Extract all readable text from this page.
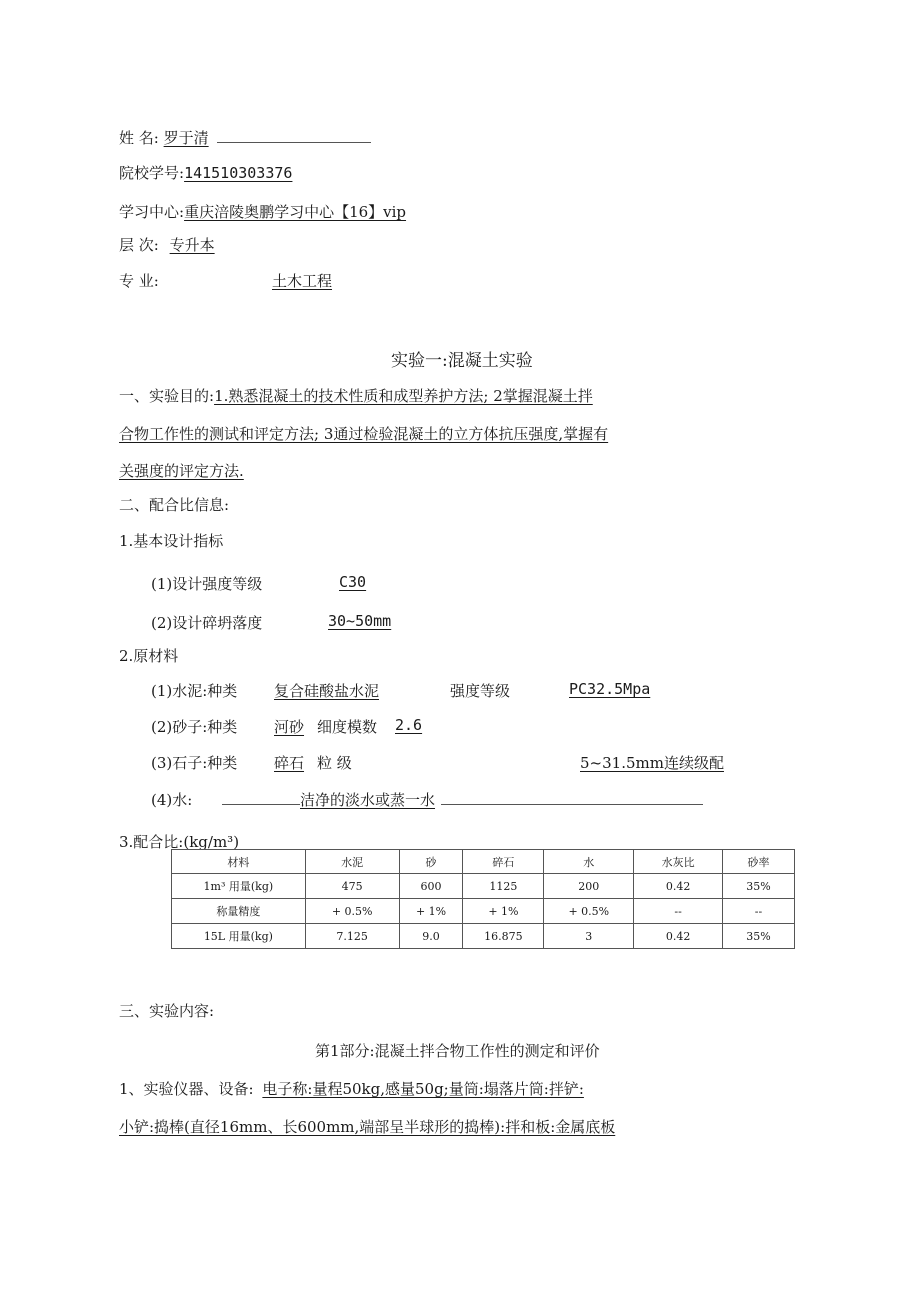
姓 名: 罗于清
院校学号:141510303376
学习中心:重庆涪陵奥鹏学习中心【16】vip
层 次: 专升本
专 业:	土木工程
实验一:混凝土实验
一、实验目的:1.熟悉混凝土的技术性质和成型养护方法; 2掌握混凝土拌
合物工作性的测试和评定方法; 3通过检验混凝土的立方体抗压强度,掌握有
关强度的评定方法.
二、配合比信息:
1.基本设计指标
(1)设计强度等级	C30
(2)设计碎坍落度	30~50mm
2.原材料
(1)水泥:种类 复合硅酸盐水泥	强度等级	PC32.5Mpa
(2)砂子:种类 河砂 细度模数 2.6
(3)石子:种类 碎石 粒 级	5~31.5mm连续级配
(4)水:	洁净的淡水或蒸一水
3.配合比:(kg/m³)
材料	水泥	砂	碎石	水	水灰比	砂率
1m³ 用量(kg)	475	600	1125	200	0.42	35%
称量精度	+ 0.5%	+ 1%	+ 1%	+ 0.5%	--	--
15L 用量(kg)	7.125	9.0	16.875	3	0.42	35%
三、实验内容:
第1部分:混凝土拌合物工作性的测定和评价
1、实验仪器、设备: 电子称:量程50kg,感量50g;量筒:塌落片筒:拌铲:
小铲:捣棒(直径16mm、长600mm,端部呈半球形的捣棒):拌和板:金属底板
